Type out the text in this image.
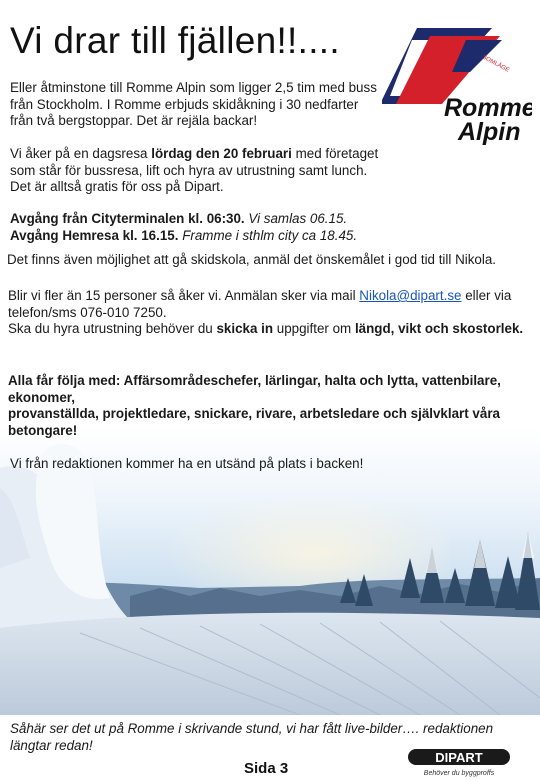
Vi drar till fjällen!!....
SOMLÄGE
Romme
Alpin
Eller åtminstone till Romme Alpin som ligger 2,5 tim med buss från Stockholm. I Romme erbjuds skidåkning i 30 nedfarter från två bergstoppar. Det är rejäla backar!
Vi åker på en dagsresa lördag den 20 februari med företaget som står för bussresa, lift och hyra av utrustning samt lunch. Det är alltså gratis för oss på Dipart.
Avgång från Cityterminalen kl. 06:30. Vi samlas 06.15.
Avgång Hemresa kl. 16.15. Framme i sthlm city ca 18.45.
Det finns även möjlighet att gå skidskola, anmäl det önskemålet i god tid till Nikola.
Blir vi fler än 15 personer så åker vi. Anmälan sker via mail Nikola@dipart.se eller via telefon/sms 076-010 7250.
Ska du hyra utrustning behöver du skicka in uppgifter om längd, vikt och skostorlek.
Alla får följa med: Affärsområdeschefer, lärlingar, halta och lytta, vattenbilare, ekonomer,
provanställda, projektledare, snickare, rivare, arbetsledare och självklart våra betongare!
Vi från redaktionen kommer ha en utsänd på plats i backen!
Såhär ser det ut på Romme i skrivande stund, vi har fått live-bilder…. redaktionen längtar redan!
Sida 3
DIPART
Behöver du byggproffs
